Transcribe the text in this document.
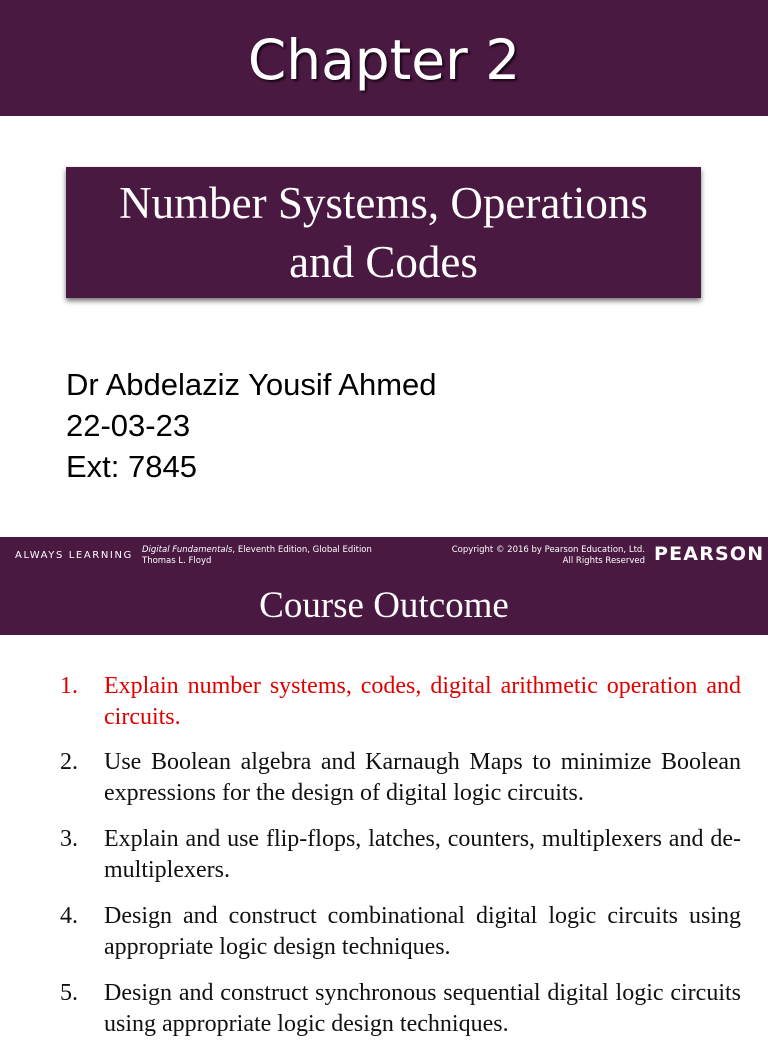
Chapter 2
Number Systems, Operations
and Codes
Dr Abdelaziz Yousif Ahmed
22-03-23
Ext: 7845
ALWAYS LEARNING Digital Fundamentals, Eleventh Edition, Global Edition
Thomas L. Floyd
Copyright © 2016 by Pearson Education, Ltd.
All Rights Reserved PEARSON
Course Outcome
1.	Explain number systems, codes, digital arithmetic operation and circuits.
2.	Use Boolean algebra and Karnaugh Maps to minimize Boolean expressions for the design of digital logic circuits.
3.	Explain and use flip-flops, latches, counters, multiplexers and de-multiplexers.
4.	Design and construct combinational digital logic circuits using appropriate logic design techniques.
5.	Design and construct synchronous sequential digital logic circuits using appropriate logic design techniques.
